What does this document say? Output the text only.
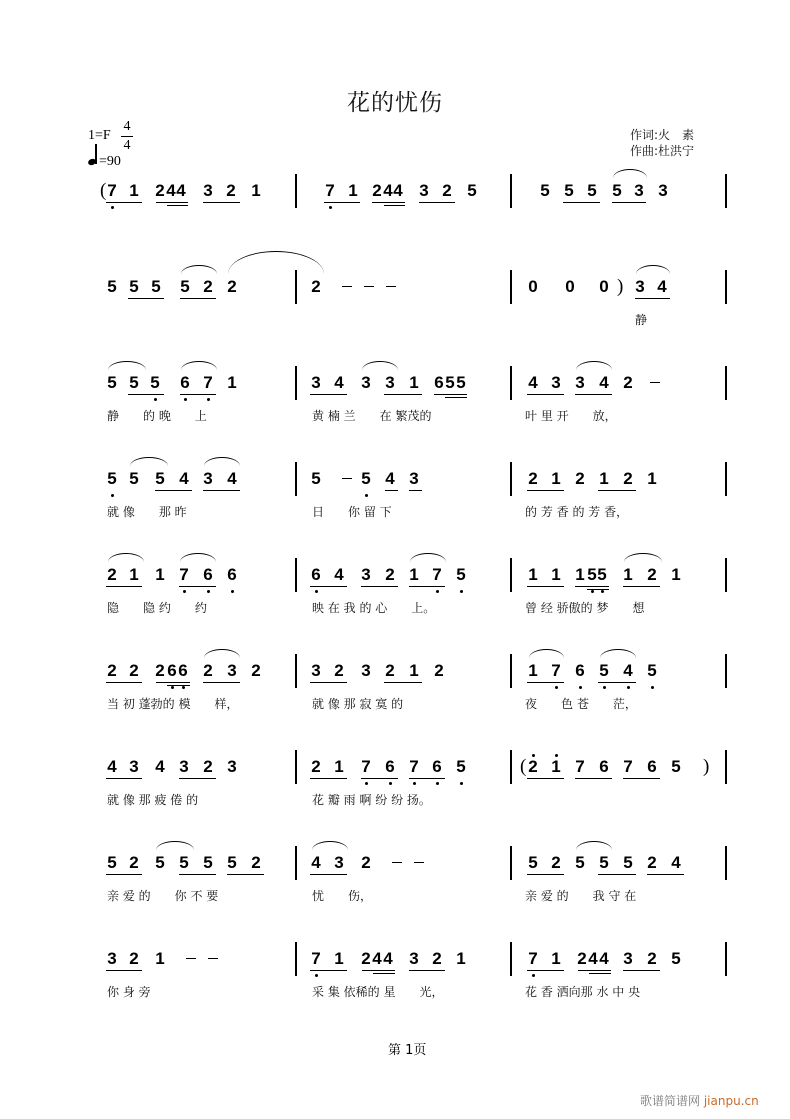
花的忧伤
1=F
4
4
=90
作词:火　素
作曲:杜洪宁
7 1 2 4 4 3 2 1	7 1 2 4 4 3 2 5	5 5 5 5 3 3
(
5 5 5 5 2 2	2	0 0 0 3 4
)
静
5 5 5 6 7 1	3 4 3 3 1 6 5 5	4 3 3 4 2
静　　的 晚　　上	黄 楠 兰　　在 繁茂的	叶 里 开　　放，
5 5 5 4 3 4	5 5 4 3	2 1 2 1 2 1
就 像　　那 昨	日　　你 留 下	的 芳 香 的 芳 香，
2 1 1 7 6 6	6 4 3 2 1 7 5	1 1 1 5 5 1 2 1
隐　　隐 约　　约	映 在 我 的 心　　上。	曾 经 骄傲的 梦　　想
2 2 2 6 6 2 3 2	3 2 3 2 1 2	1 7 6 5 4 5
当 初 蓬勃的 模　　样，	就 像 那 寂 寞 的	夜　　色 苍　　茫，
4 3 4 3 2 3	2 1 7 6 7 6 5	2 1 7 6 7 6 5
(	)
就 像 那 疲 倦 的	花 瓣 雨 啊 纷 纷 扬。
5 2 5 5 5 5 2	4 3 2	5 2 5 5 5 2 4
亲 爱 的　　你 不 要	忧　　伤，	亲 爱 的　　我 守 在
3 2 1	7 1 2 4 4 3 2 1	7 1 2 4 4 3 2 5
你 身 旁	采 集 依稀的 星　　光，	花 香 洒向那 水 中 央
第 1页
歌谱简谱网 jianpu.cn
